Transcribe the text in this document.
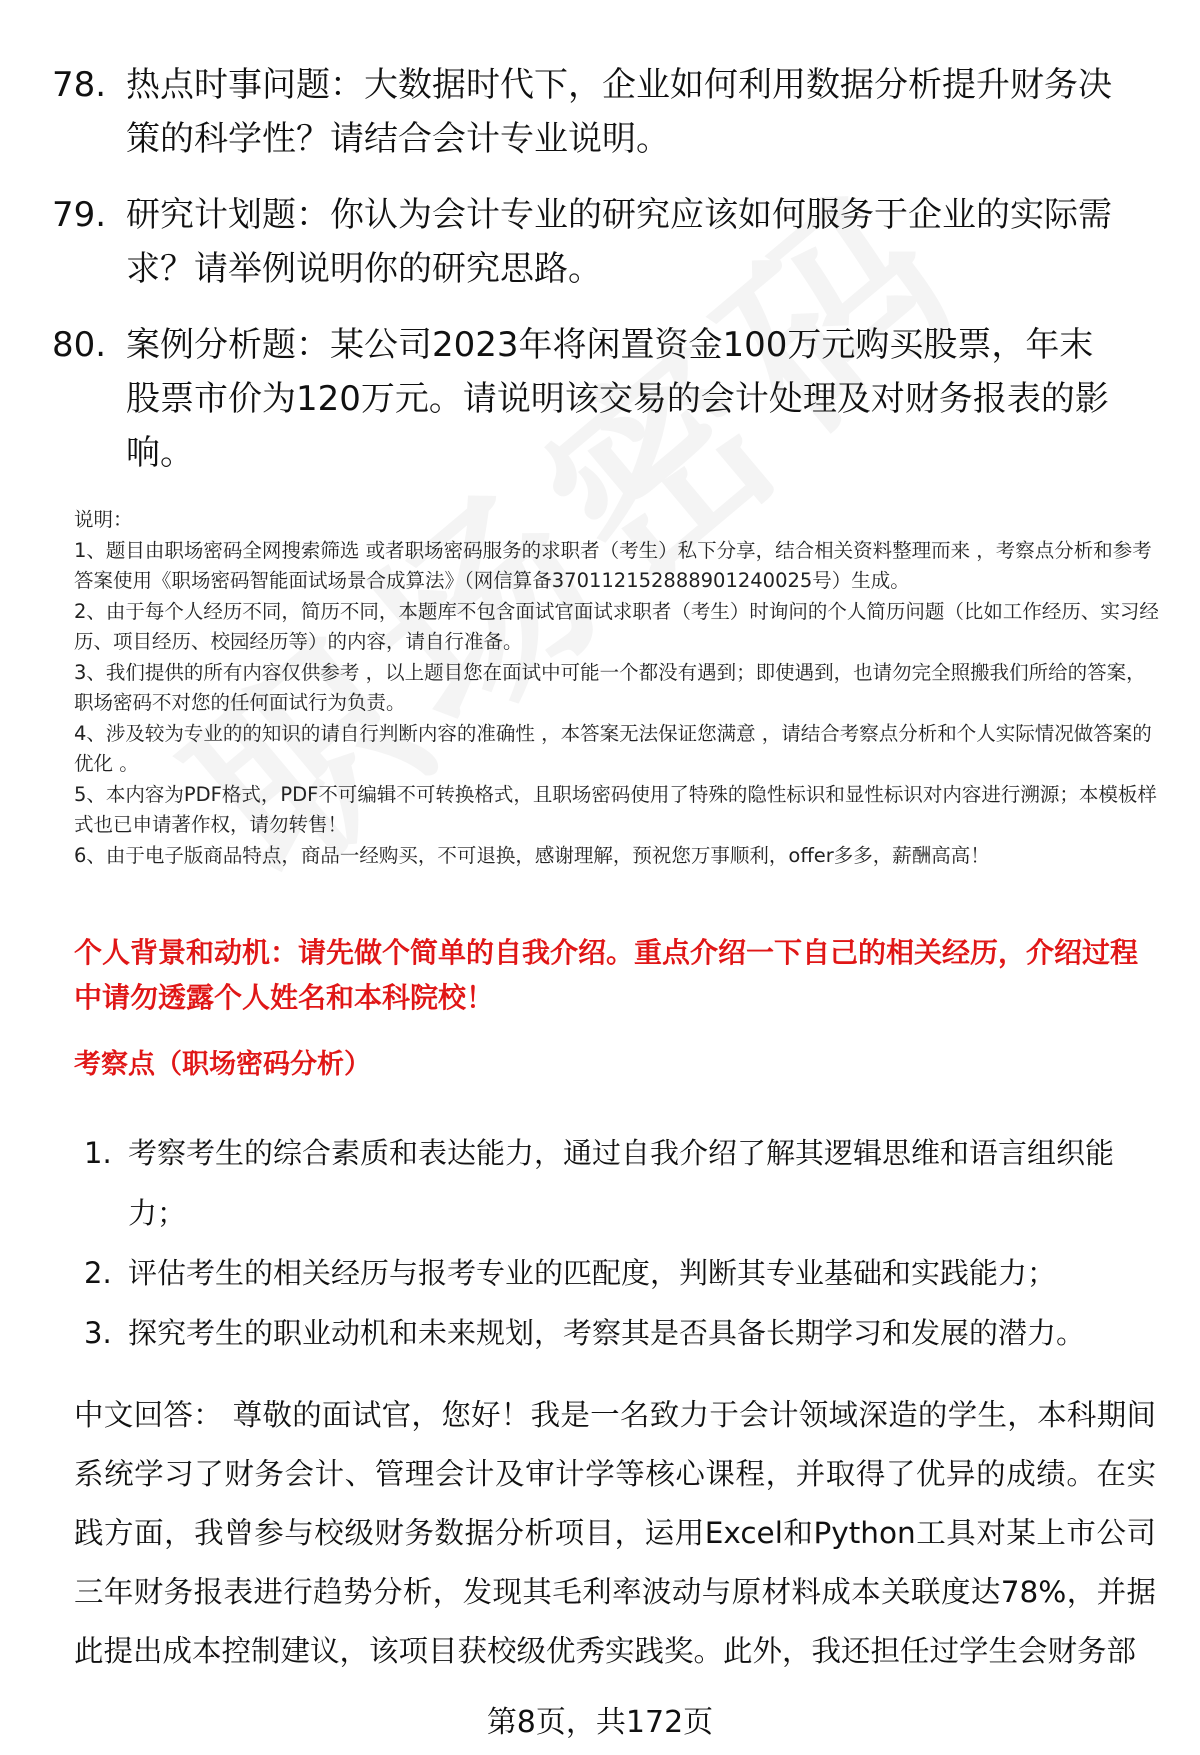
78. 热点时事问题：大数据时代下，企业如何利用数据分析提升财务决策的科学性？请结合会计专业说明。
79. 研究计划题：你认为会计专业的研究应该如何服务于企业的实际需求？请举例说明你的研究思路。
80. 案例分析题：某公司2023年将闲置资金100万元购买股票，年末股票市价为120万元。请说明该交易的会计处理及对财务报表的影响。

说明：

1、题目由职场密码全网搜索筛选 或者职场密码服务的求职者（考生）私下分享，结合相关资料整理而来 ，考察点分析和参考答案使用《职场密码智能面试场景合成算法》（网信算备370112152888901240025号）生成。

2、由于每个人经历不同，简历不同，本题库不包含面试官面试求职者（考生）时询问的个人简历问题（比如工作经历、实习经历、项目经历、校园经历等）的内容，请自行准备。

3、我们提供的所有内容仅供参考 ，以上题目您在面试中可能一个都没有遇到；即使遇到，也请勿完全照搬我们所给的答案，职场密码不对您的任何面试行为负责。

4、涉及较为专业的的知识的请自行判断内容的准确性 ，本答案无法保证您满意 ，请结合考察点分析和个人实际情况做答案的优化 。

5、本内容为PDF格式，PDF不可编辑不可转换格式，且职场密码使用了特殊的隐性标识和显性标识对内容进行溯源；本模板样式也已申请著作权，请勿转售！

6、由于电子版商品特点，商品一经购买，不可退换，感谢理解，预祝您万事顺利，offer多多，薪酬高高！

个人背景和动机：请先做个简单的自我介绍。重点介绍一下自己的相关经历，介绍过程中请勿透露个人姓名和本科院校！
考察点（职场密码分析）
1. 考察考生的综合素质和表达能力，通过自我介绍了解其逻辑思维和语言组织能力；
2. 评估考生的相关经历与报考专业的匹配度，判断其专业基础和实践能力；
3. 探究考生的职业动机和未来规划，考察其是否具备长期学习和发展的潜力。
中文回答： 尊敬的面试官，您好！我是一名致力于会计领域深造的学生，本科期间系统学习了财务会计、管理会计及审计学等核心课程，并取得了优异的成绩。在实践方面，我曾参与校级财务数据分析项目，运用Excel和Python工具对某上市公司三年财务报表进行趋势分析，发现其毛利率波动与原材料成本关联度达78%，并据此提出成本控制建议，该项目获校级优秀实践奖。此外，我还担任过学生会财务部
第8页，共172页
